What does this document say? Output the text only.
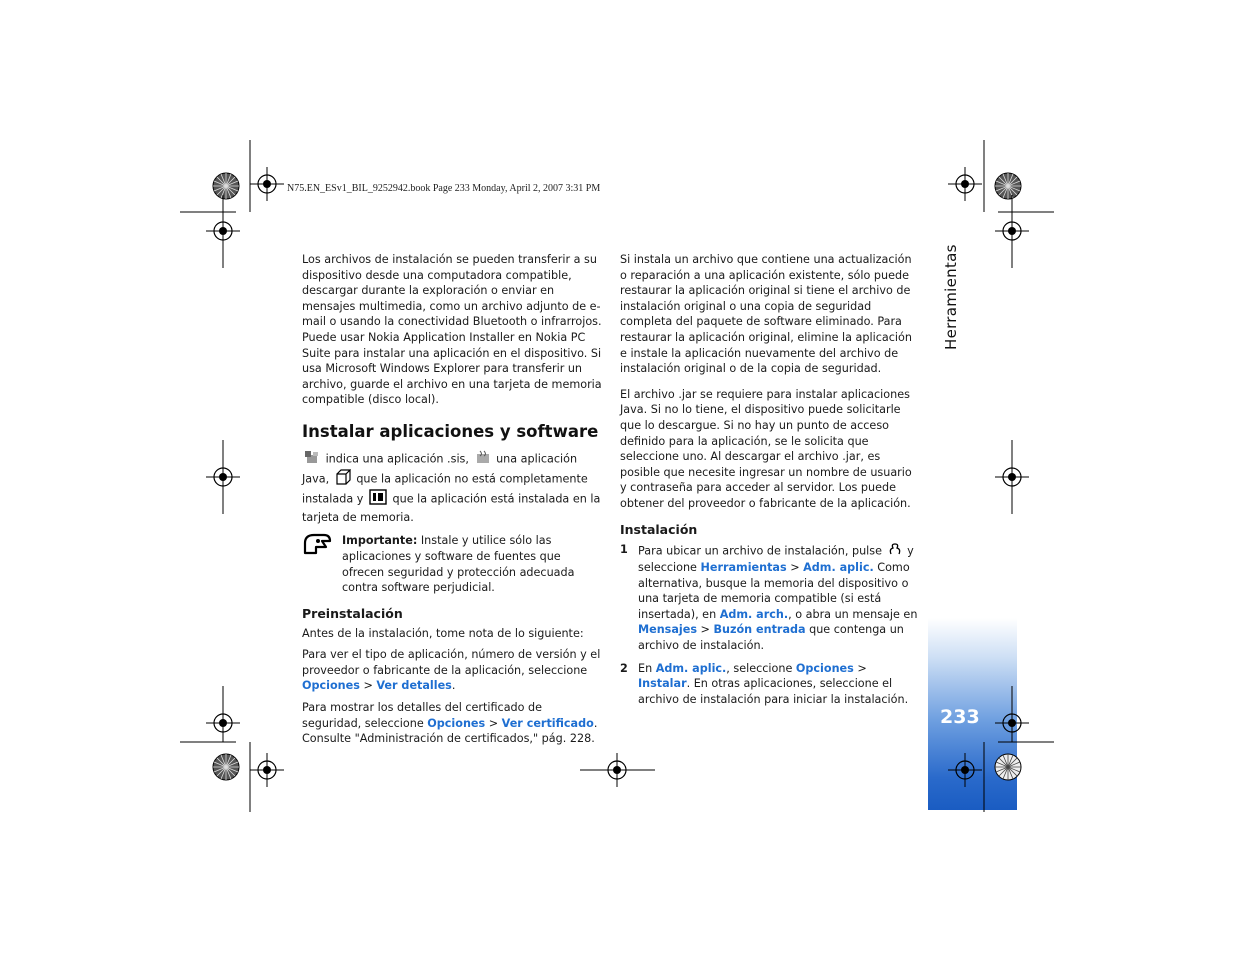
Herramientas
233
N75.EN_ESv1_BIL_9252942.book Page 233 Monday, April 2, 2007 3:31 PM

Los archivos de instalación se pueden transferir a su dispositivo desde una computadora compatible, descargar durante la exploración o enviar en mensajes multimedia, como un archivo adjunto de e-mail o usando la conectividad Bluetooth o infrarrojos. Puede usar Nokia Application Installer en Nokia PC Suite para instalar una aplicación en el dispositivo. Si usa Microsoft Windows Explorer para transferir un archivo, guarde el archivo en una tarjeta de memoria compatible (disco local).

Instalar aplicaciones y software

indica una aplicación .sis, una aplicación Java, que la aplicación no está completamente instalada y	que la aplicación está instalada en la tarjeta de memoria.

Importante: Instale y utilice sólo las aplicaciones y software de fuentes que ofrecen seguridad y protección adecuada contra software perjudicial.

Preinstalación

Antes de la instalación, tome nota de lo siguiente:

Para ver el tipo de aplicación, número de versión y el proveedor o fabricante de la aplicación, seleccione Opciones > Ver detalles.

Para mostrar los detalles del certificado de seguridad, seleccione Opciones > Ver certificado. Consulte "Administración de certificados," pág. 228.

Si instala un archivo que contiene una actualización o reparación a una aplicación existente, sólo puede restaurar la aplicación original si tiene el archivo de instalación original o una copia de seguridad completa del paquete de software eliminado. Para restaurar la aplicación original, elimine la aplicación e instale la aplicación nuevamente del archivo de instalación original o de la copia de seguridad.

El archivo .jar se requiere para instalar aplicaciones Java. Si no lo tiene, el dispositivo puede solicitarle que lo descargue. Si no hay un punto de acceso definido para la aplicación, se le solicita que seleccione uno. Al descargar el archivo .jar, es posible que necesite ingresar un nombre de usuario y contraseña para acceder al servidor. Los puede obtener del proveedor o fabricante de la aplicación.

Instalación

1 Para ubicar un archivo de instalación, pulse  y seleccione Herramientas > Adm. aplic. Como alternativa, busque la memoria del dispositivo o una tarjeta de memoria compatible (si está insertada), en Adm. arch., o abra un mensaje en Mensajes > Buzón entrada que contenga un archivo de instalación.
2 En Adm. aplic., seleccione Opciones > Instalar. En otras aplicaciones, seleccione el archivo de instalación para iniciar la instalación.
